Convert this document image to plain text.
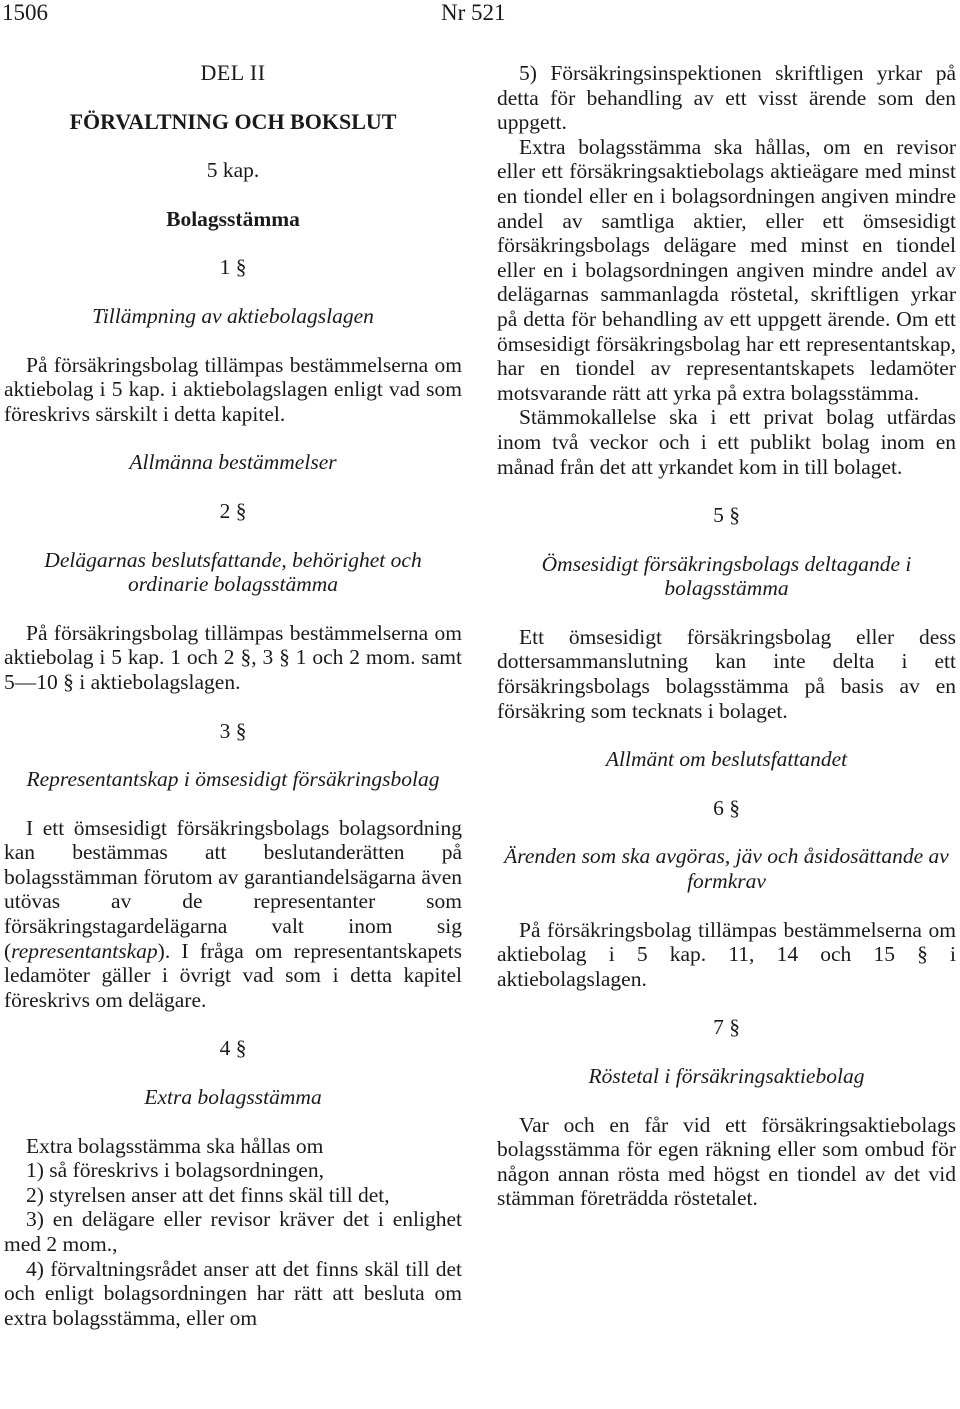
1506	Nr 521

DEL II

FÖRVALTNING OCH BOKSLUT

5 kap.

Bolagsstämma

1 §

Tillämpning av aktiebolagslagen

På försäkringsbolag tillämpas bestämmelserna om aktiebolag i 5 kap. i aktiebolagslagen enligt vad som föreskrivs särskilt i detta kapitel.

Allmänna bestämmelser

2 §

Delägarnas beslutsfattande, behörighet och ordinarie bolagsstämma

På försäkringsbolag tillämpas bestämmelserna om aktiebolag i 5 kap. 1 och 2 §, 3 § 1 och 2 mom. samt 5—10 § i aktiebolagslagen.

3 §

Representantskap i ömsesidigt försäkringsbolag

I ett ömsesidigt försäkringsbolags bolagsordning kan bestämmas att beslutanderätten på bolagsstämman förutom av garantiandelsägarna även utövas av de representanter som försäkringstagardelägarna valt inom sig (representantskap). I fråga om representantskapets ledamöter gäller i övrigt vad som i detta kapitel föreskrivs om delägare.

4 §

Extra bolagsstämma

Extra bolagsstämma ska hållas om

1) så föreskrivs i bolagsordningen,

2) styrelsen anser att det finns skäl till det,

3) en delägare eller revisor kräver det i enlighet med 2 mom.,

4) förvaltningsrådet anser att det finns skäl till det och enligt bolagsordningen har rätt att besluta om extra bolagsstämma, eller om

5) Försäkringsinspektionen skriftligen yrkar på detta för behandling av ett visst ärende som den uppgett.

Extra bolagsstämma ska hållas, om en revisor eller ett försäkringsaktiebolags aktieägare med minst en tiondel eller en i bolagsordningen angiven mindre andel av samtliga aktier, eller ett ömsesidigt försäkringsbolags delägare med minst en tiondel eller en i bolagsordningen angiven mindre andel av delägarnas sammanlagda röstetal, skriftligen yrkar på detta för behandling av ett uppgett ärende. Om ett ömsesidigt försäkringsbolag har ett representantskap, har en tiondel av representantskapets ledamöter motsvarande rätt att yrka på extra bolagsstämma.

Stämmokallelse ska i ett privat bolag utfärdas inom två veckor och i ett publikt bolag inom en månad från det att yrkandet kom in till bolaget.

5 §

Ömsesidigt försäkringsbolags deltagande i bolagsstämma

Ett ömsesidigt försäkringsbolag eller dess dottersammanslutning kan inte delta i ett försäkringsbolags bolagsstämma på basis av en försäkring som tecknats i bolaget.

Allmänt om beslutsfattandet

6 §

Ärenden som ska avgöras, jäv och åsidosättande av formkrav

På försäkringsbolag tillämpas bestämmelserna om aktiebolag i 5 kap. 11, 14 och 15 § i aktiebolagslagen.

7 §

Röstetal i försäkringsaktiebolag

Var och en får vid ett försäkringsaktiebolags bolagsstämma för egen räkning eller som ombud för någon annan rösta med högst en tiondel av det vid stämman företrädda röstetalet.
